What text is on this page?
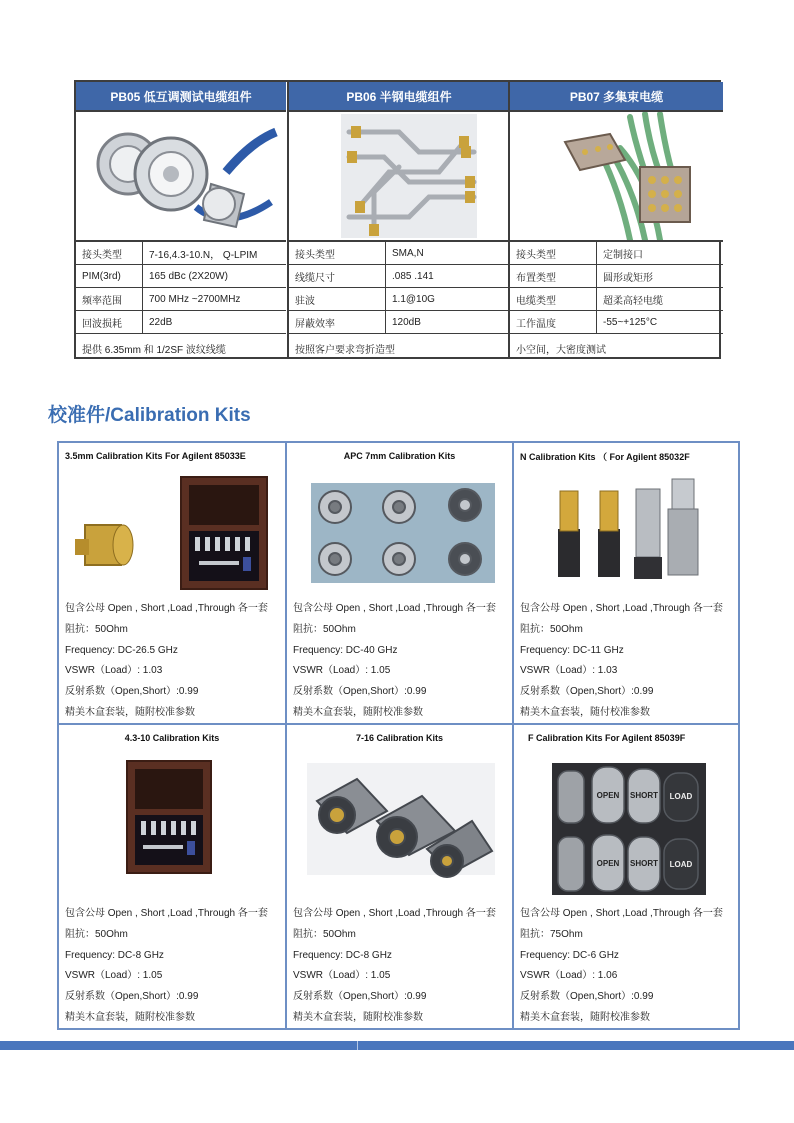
PB05 低互调测试电缆组件
接头类型	7-16,4.3-10.N， Q-LPIM
PIM(3rd)	165 dBc (2X20W)
频率范围	700 MHz ~2700MHz
回波损耗	22dB
提供 6.35mm 和 1/2SF 波纹线缆
PB06 半钢电缆组件
接头类型	SMA,N
线缆尺寸	.085 .141
驻波	1.1@10G
屏蔽效率	120dB
按照客户要求弯折造型
PB07 多集束电缆
接头类型	定制接口
布置类型	圆形或矩形
电缆类型	超柔高轻电缆
工作温度	-55~+125°C
小空间，大密度测试
校准件/Calibration Kits
3.5mm Calibration Kits For Agilent 85033E
包含公母 Open , Short ,Load ,Through 各一套
阻抗：50Ohm
Frequency: DC-26.5 GHz
VSWR（Load）: 1.03
反射系数（Open,Short）:0.99
精美木盒套装，随附校准参数
APC 7mm Calibration Kits
包含公母 Open , Short ,Load ,Through 各一套
阻抗：50Ohm
Frequency: DC-40 GHz
VSWR（Load）: 1.05
反射系数（Open,Short）:0.99
精美木盒套装，随附校准参数
N Calibration Kits （ For Agilent 85032F
包含公母 Open , Short ,Load ,Through 各一套
阻抗：50Ohm
Frequency: DC-11 GHz
VSWR（Load）: 1.03
反射系数（Open,Short）:0.99
精美木盒套装，随付校准参数
4.3-10 Calibration Kits
包含公母 Open , Short ,Load ,Through 各一套
阻抗：50Ohm
Frequency: DC-8 GHz
VSWR（Load）: 1.05
反射系数（Open,Short）:0.99
精美木盒套装，随附校准参数
7-16 Calibration Kits
包含公母 Open , Short ,Load ,Through 各一套
阻抗：50Ohm
Frequency: DC-8 GHz
VSWR（Load）: 1.05
反射系数（Open,Short）:0.99
精美木盒套装，随附校准参数
F Calibration Kits For Agilent 85039F
OPEN SHORT LOAD
OPEN SHORT LOAD
包含公母 Open , Short ,Load ,Through 各一套
阻抗：75Ohm
Frequency: DC-6 GHz
VSWR（Load）: 1.06
反射系数（Open,Short）:0.99
精美木盒套装，随附校准参数
